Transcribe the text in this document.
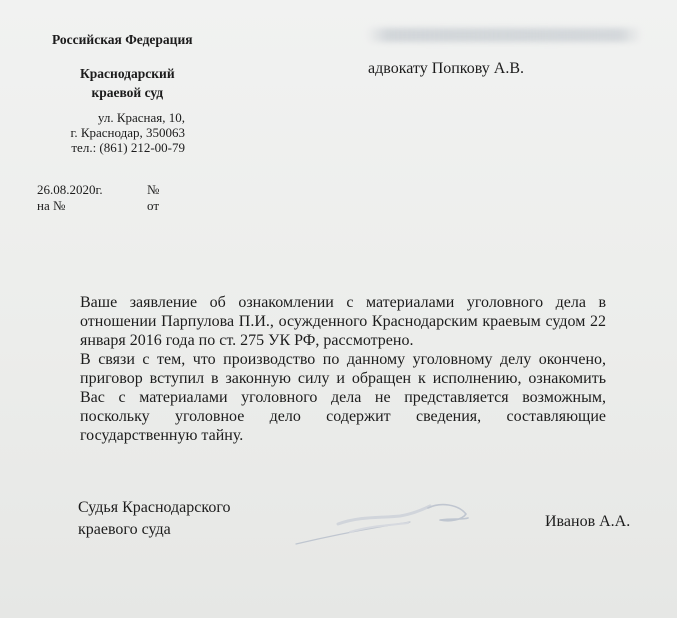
Российская Федерация
Краснодарский
краевой суд
ул. Красная, 10,
г. Краснодар, 350063
тел.: (861) 212-00-79
адвокату Попкову А.В.
26.08.2020г.
на №
№
от

Ваше заявление об ознакомлении с материалами уголовного дела в отношении Парпулова П.И., осужденного Краснодарским краевым судом 22 января 2016 года по ст. 275 УК РФ, рассмотрено.

В связи с тем, что производство по данному уголовному делу окончено, приговор вступил в законную силу и обращен к исполнению, ознакомить Вас с материалами уголовного дела не представляется возможным, поскольку уголовное дело содержит сведения, составляющие государственную тайну.

Судья Краснодарского
краевого суда	Иванов А.А.
